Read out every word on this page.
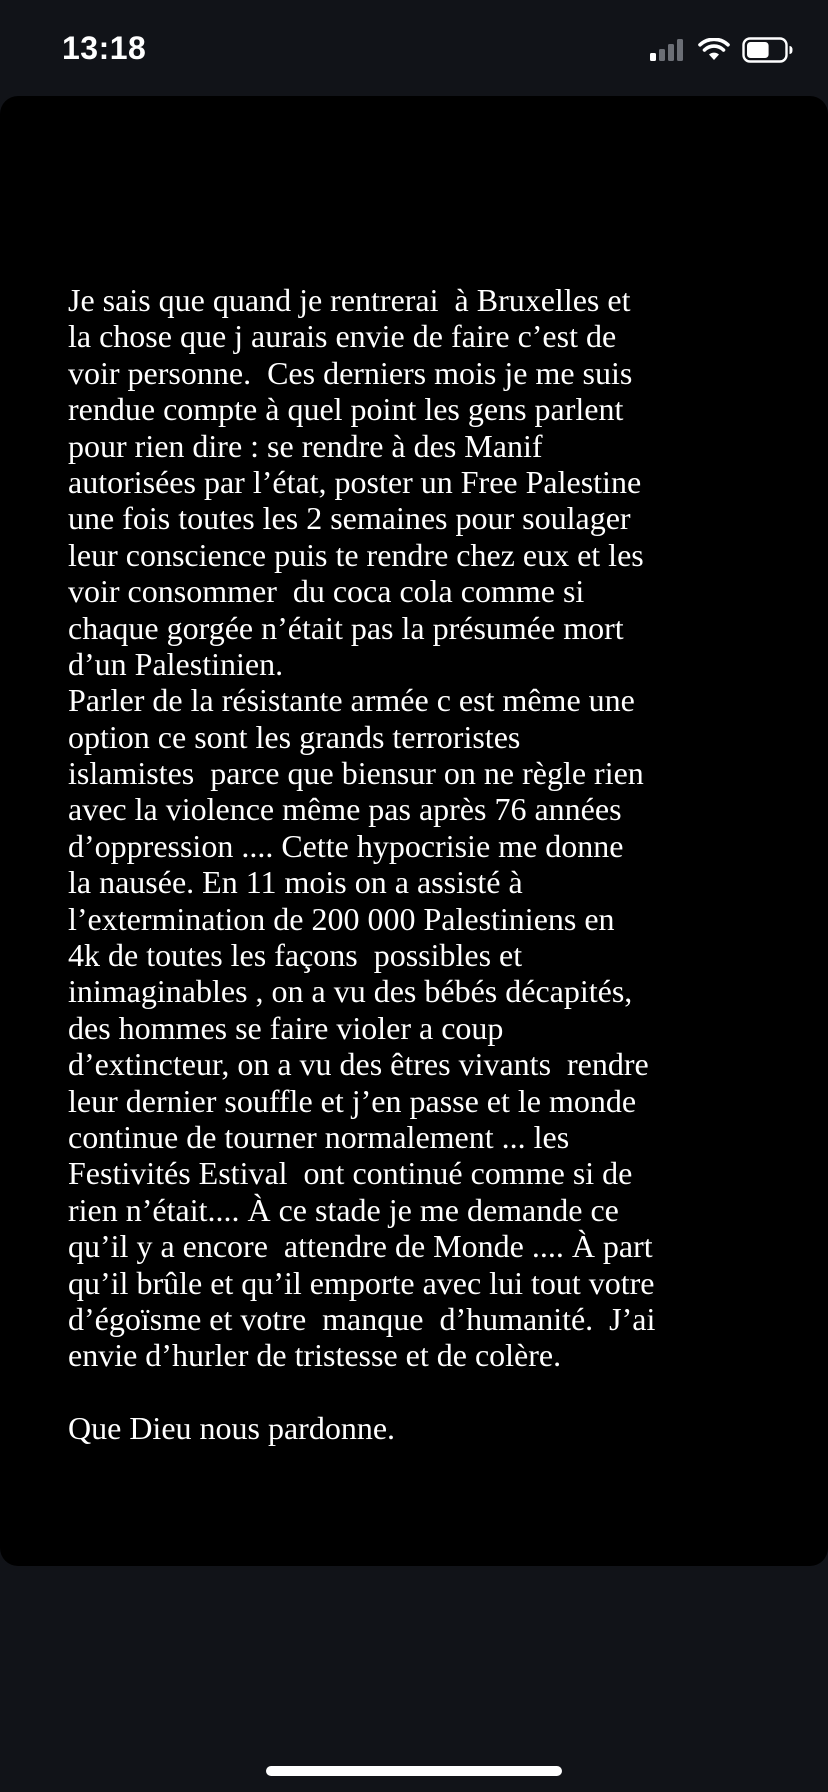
13:18
Je sais que quand je rentrerai  à Bruxelles et
la chose que j aurais envie de faire c’est de
voir personne.  Ces derniers mois je me suis
rendue compte à quel point les gens parlent
pour rien dire : se rendre à des Manif
autorisées par l’état, poster un Free Palestine
une fois toutes les 2 semaines pour soulager
leur conscience puis te rendre chez eux et les
voir consommer  du coca cola comme si
chaque gorgée n’était pas la présumée mort
d’un Palestinien.
Parler de la résistante armée c est même une
option ce sont les grands terroristes
islamistes  parce que biensur on ne règle rien
avec la violence même pas après 76 années
d’oppression .... Cette hypocrisie me donne
la nausée. En 11 mois on a assisté à
l’extermination de 200 000 Palestiniens en
4k de toutes les façons  possibles et
inimaginables , on a vu des bébés décapités,
des hommes se faire violer a coup
d’extincteur, on a vu des êtres vivants  rendre
leur dernier souffle et j’en passe et le monde
continue de tourner normalement ... les
Festivités Estival  ont continué comme si de
rien n’était.... À ce stade je me demande ce
qu’il y a encore  attendre de Monde .... À part
qu’il brûle et qu’il emporte avec lui tout votre
d’égoïsme et votre  manque  d’humanité.  J’ai
envie d’hurler de tristesse et de colère.
Que Dieu nous pardonne.
